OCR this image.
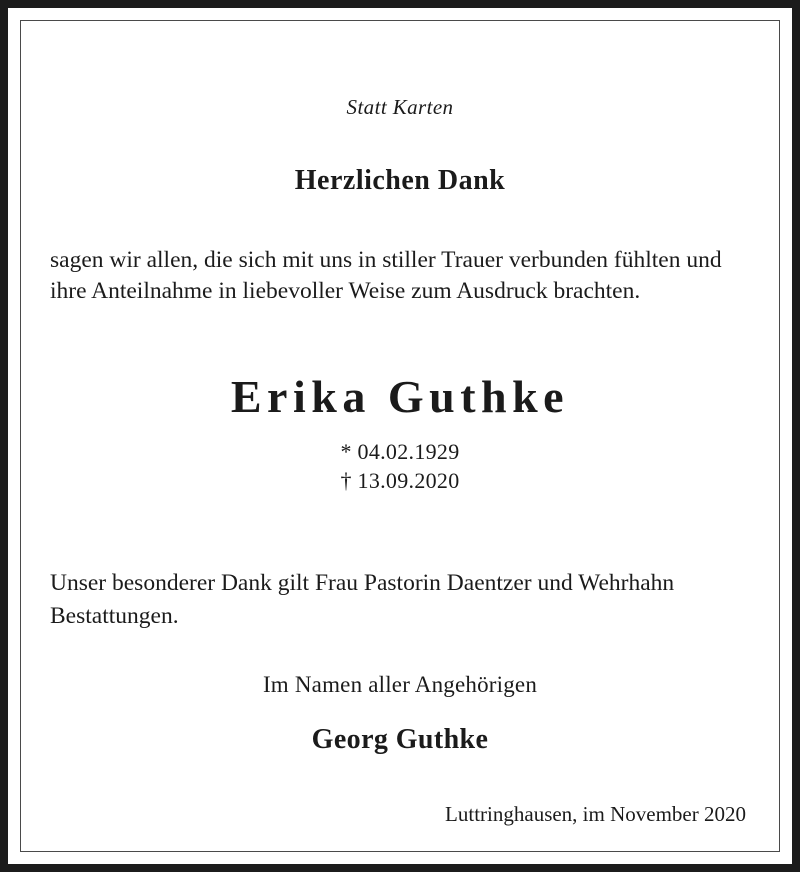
Statt Karten
Herzlichen Dank
sagen wir allen, die sich mit uns in stiller Trauer verbunden fühlten und ihre Anteilnahme in liebevoller Weise zum Ausdruck brachten.
Erika Guthke
* 04.02.1929
† 13.09.2020
Unser besonderer Dank gilt Frau Pastorin Daentzer und Wehrhahn Bestattungen.
Im Namen aller Angehörigen
Georg Guthke
Luttringhausen, im November 2020
